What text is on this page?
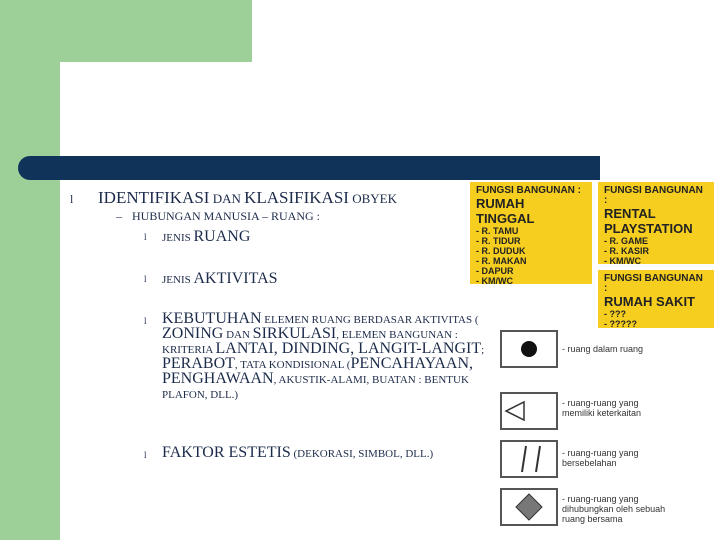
l IDENTIFIKASI DAN KLASIFIKASI OBYEK
– HUBUNGAN MANUSIA – RUANG :
l JENIS RUANG
l JENIS AKTIVITAS
l KEBUTUHAN ELEMEN RUANG BERDASAR AKTIVITAS ( ZONING DAN SIRKULASI, ELEMEN BANGUNAN : KRITERIA LANTAI, DINDING, LANGIT-LANGIT; PERABOT, TATA KONDISIONAL (PENCAHAYAAN, PENGHAWAAN, AKUSTIK-ALAMI, BUATAN : BENTUK PLAFON, DLL.)
l FAKTOR ESTETIS (DEKORASI, SIMBOL, DLL.)
FUNGSI BANGUNAN :
RUMAH TINGGAL
- R. TAMU
- R. TIDUR
- R. DUDUK
- R. MAKAN
- DAPUR
- KM/WC
FUNGSI BANGUNAN :
RENTAL PLAYSTATION
- R. GAME
- R. KASIR
- KM/WC
FUNGSI BANGUNAN :
RUMAH SAKIT
- ???
- ?????
- ruang dalam ruang
- ruang-ruang yang memiliki keterkaitan
- ruang-ruang yang bersebelahan
- ruang-ruang yang dihubungkan oleh sebuah ruang bersama
